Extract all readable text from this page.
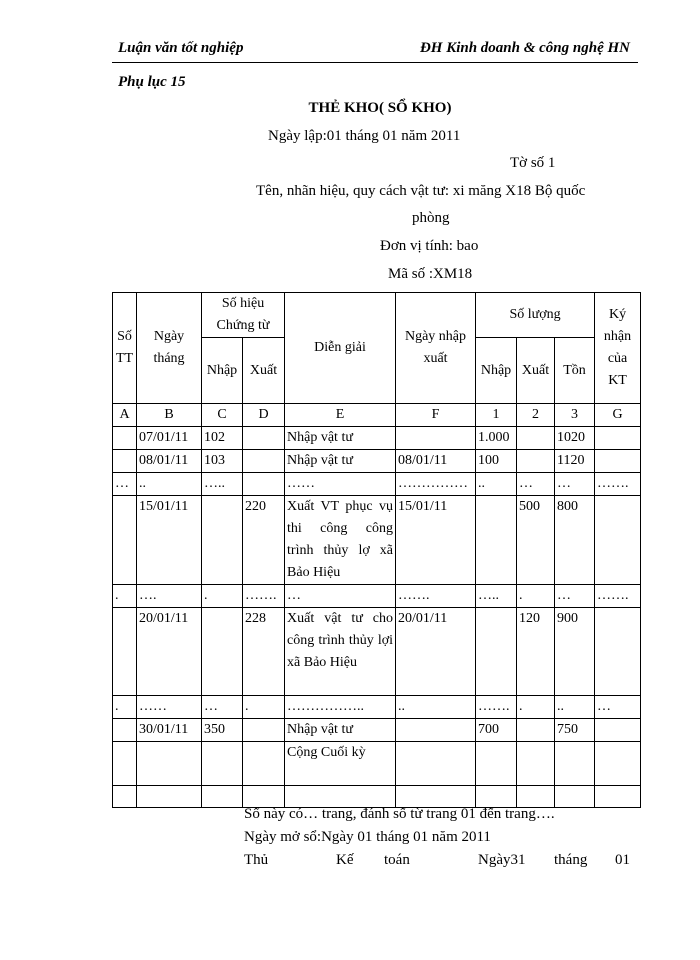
Luận văn tốt nghiệp	ĐH Kinh doanh & công nghệ HN
Phụ lục 15
THẺ KHO( SỔ KHO)
Ngày lập:01 tháng 01 năm 2011
Tờ số 1
Tên, nhãn hiệu, quy cách vật tư: xi măng X18 Bộ quốc
phòng
Đơn vị tính: bao
Mã số :XM18
Số TT	Ngày tháng	Số hiệu Chứng từ		Diễn giải	Ngày nhập xuất	Số lượng			Ký nhận của KT
		Nhập	Xuất			Nhập	Xuất	Tồn	
A	B	C	D	E	F	1	2	3	G
	07/01/11	102		Nhập vật tư		1.000		1020	
	08/01/11	103		Nhập vật tư	08/01/11	100		1120	
…	..	…..		……	……………	..	…	…	…….
	15/01/11		220	Xuất VT phục vụ thi công công trình thủy lợ xã Bảo Hiệu	15/01/11		500	800	
.	….	.	…….	…	…….	…..	.	…	…….
	20/01/11		228	Xuất vật tư cho công trình thủy lợi xã Bảo Hiệu	20/01/11		120	900	
.	……	…	.	……………..	..	…….	.	..	…
	30/01/11	350		Nhập vật tư		700		750	
				Cộng Cuối kỳ					

Sổ này có… trang, đánh số từ trang 01 đến trang….
Ngày mở sổ:Ngày 01 tháng 01 năm 2011
Thủ	Kế toán	Ngày31 tháng 01
